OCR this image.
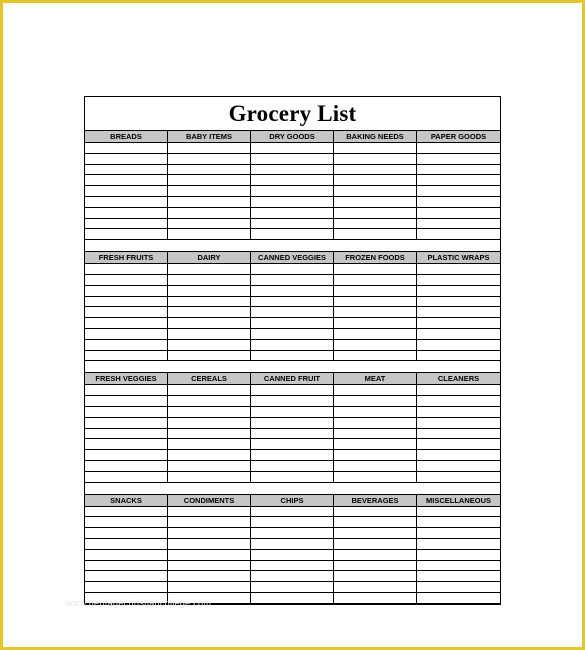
Grocery List
BREADS	BABY ITEMS	DRY GOODS	BAKING NEEDS	PAPER GOODS
FRESH FRUITS	DAIRY	CANNED VEGGIES	FROZEN FOODS	PLASTIC WRAPS
FRESH VEGGIES	CEREALS	CANNED FRUIT	MEAT	CLEANERS
SNACKS	CONDIMENTS	CHIPS	BEVERAGES	MISCELLANEOUS
www.heritagechristiancollege.com
